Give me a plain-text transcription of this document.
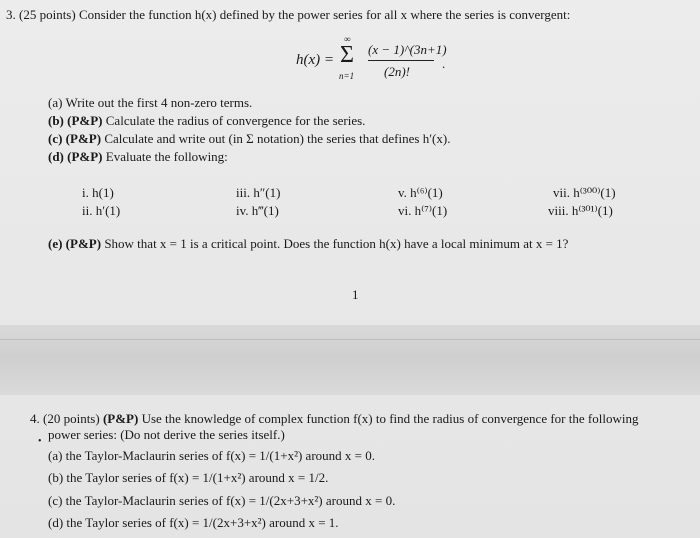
3. (25 points) Consider the function h(x) defined by the power series for all x where the series is convergent:
h(x) =
∞
Σ
n=1
(x − 1)^(3n+1)
(2n)!
.
(a) Write out the first 4 non-zero terms.
(b) (P&P) Calculate the radius of convergence for the series.
(c) (P&P) Calculate and write out (in Σ notation) the series that defines h′(x).
(d) (P&P) Evaluate the following:
i. h(1)
ii. h′(1)
iii. h″(1)
iv. h‴(1)
v. h⁽⁶⁾(1)
vi. h⁽⁷⁾(1)
vii. h⁽³⁰⁰⁾(1)
viii. h⁽³⁰¹⁾(1)
(e) (P&P) Show that x = 1 is a critical point. Does the function h(x) have a local minimum at x = 1?
1
4. (20 points) (P&P) Use the knowledge of complex function f(x) to find the radius of convergence for the following
• power series: (Do not derive the series itself.)
(a) the Taylor-Maclaurin series of f(x) = 1/(1+x²) around x = 0.
(b) the Taylor series of f(x) = 1/(1+x²) around x = 1/2.
(c) the Taylor-Maclaurin series of f(x) = 1/(2x+3+x²) around x = 0.
(d) the Taylor series of f(x) = 1/(2x+3+x²) around x = 1.
